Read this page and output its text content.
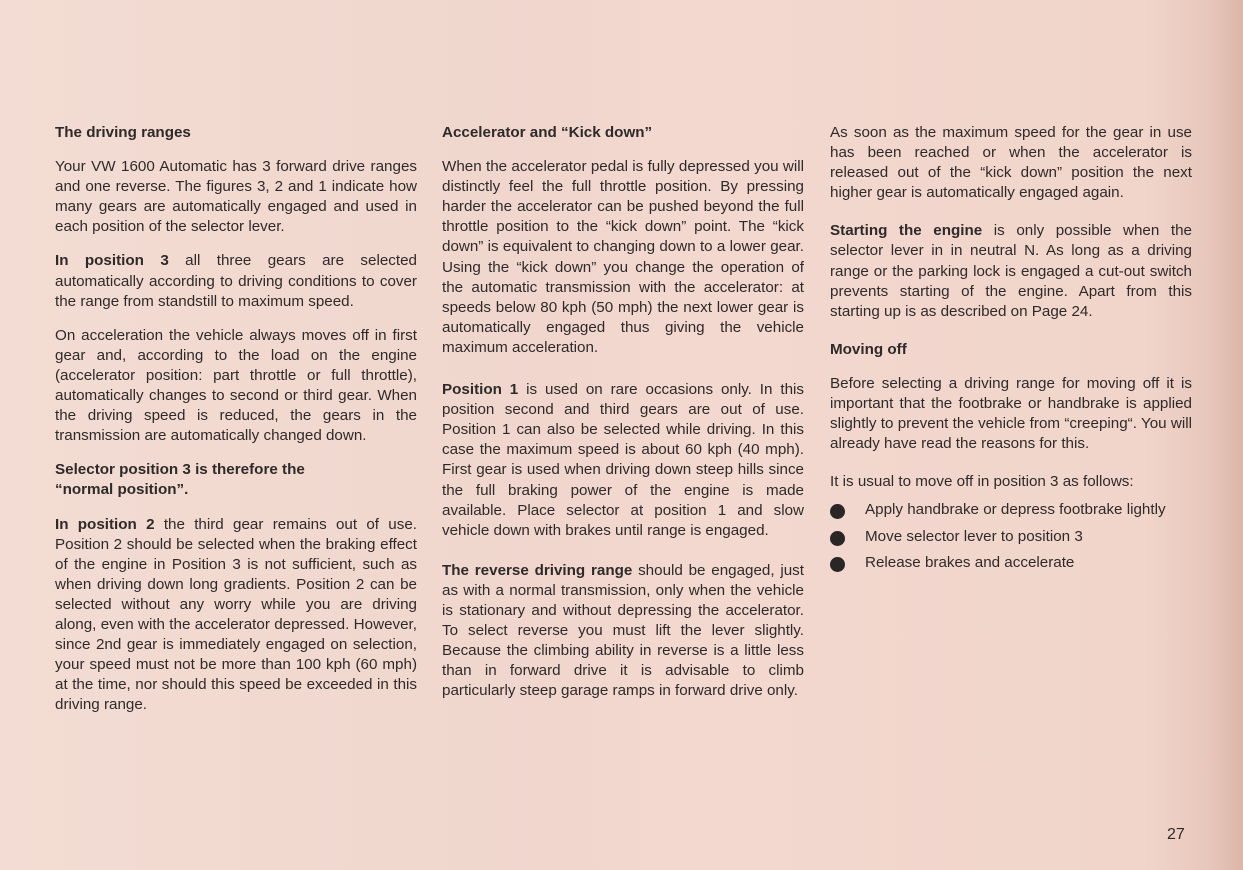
The driving ranges

Your VW 1600 Automatic has 3 forward drive ranges and one reverse. The figures 3, 2 and 1 indicate how many gears are automatically engaged and used in each position of the selector lever.

In position 3 all three gears are selected automatically according to driving conditions to cover the range from standstill to maximum speed.

On acceleration the vehicle always moves off in first gear and, according to the load on the engine (accelerator position: part throttle or full throttle), automatically changes to second or third gear. When the driving speed is reduced, the gears in the transmission are automatically changed down.

Selector position 3 is therefore the
“normal position”.

In position 2 the third gear remains out of use. Position 2 should be selected when the braking effect of the engine in Position 3 is not sufficient, such as when driving down long gradients. Position 2 can be selected without any worry while you are driving along, even with the accelerator depressed. However, since 2nd gear is immediately engaged on selection, your speed must not be more than 100 kph (60 mph) at the time, nor should this speed be exceeded in this driving range.

Accelerator and “Kick down”

When the accelerator pedal is fully depressed you will distinctly feel the full throttle position. By pressing harder the accelerator can be pushed beyond the full throttle position to the “kick down” point. The “kick down” is equivalent to changing down to a lower gear. Using the “kick down” you change the operation of the automatic transmission with the accelerator: at speeds below 80 kph (50 mph) the next lower gear is automatically engaged thus giving the vehicle maximum acceleration.

Position 1 is used on rare occasions only. In this position second and third gears are out of use. Position 1 can also be selected while driving. In this case the maximum speed is about 60 kph (40 mph). First gear is used when driving down steep hills since the full braking power of the engine is made available. Place selector at position 1 and slow vehicle down with brakes until range is engaged.

The reverse driving range should be engaged, just as with a normal transmission, only when the vehicle is stationary and without depressing the accelerator. To select reverse you must lift the lever slightly. Because the climbing ability in reverse is a little less than in forward drive it is advisable to climb particularly steep garage ramps in forward drive only.

As soon as the maximum speed for the gear in use has been reached or when the accelerator is released out of the “kick down” position the next higher gear is automatically engaged again.

Starting the engine is only possible when the selector lever in in neutral N. As long as a driving range or the parking lock is engaged a cut-out switch prevents starting of the engine. Apart from this starting up is as described on Page 24.

Moving off

Before selecting a driving range for moving off it is important that the footbrake or handbrake is applied slightly to prevent the vehicle from “creeping“. You will already have read the reasons for this.

It is usual to move off in position 3 as follows:

Apply handbrake or depress footbrake lightly
Move selector lever to position 3
Release brakes and accelerate
27
